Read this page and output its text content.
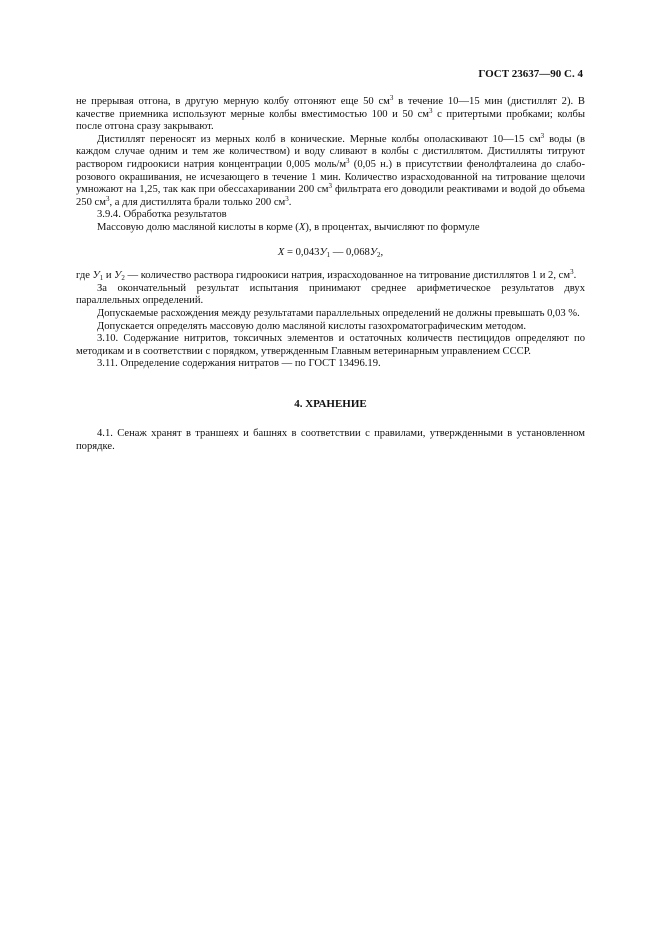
ГОСТ 23637—90 С. 4

не прерывая отгона, в другую мерную колбу отгоняют еще 50 $см^3$ в течение 10—15 мин (дистиллят 2). В качестве приемника используют мерные колбы вместимостью 100 и 50 $см^3$ с притертыми пробками; колбы после отгона сразу закрывают.

Дистиллят переносят из мерных колб в конические. Мерные колбы ополаскивают 10—15 $см^3$ воды (в каждом случае одним и тем же количеством) и воду сливают в колбы с дистиллятом. Дистилляты титруют раствором гидроокиси натрия концентрации 0,005 моль/$м^3$ (0,05 н.) в присутствии фенолфталеина до слабо-розового окрашивания, не исчезающего в течение 1 мин. Количество израсходованной на титрование щелочи умножают на 1,25, так как при обессахаривании 200 $см^3$ фильтрата его доводили реактивами и водой до объема 250 $см^3$, а для дистиллята брали только 200 $см^3$.

3.9.4. Обработка результатов

Массовую долю масляной кислоты в корме (X), в процентах, вычисляют по формуле

$X = 0,043У_1$ — $0,068У_2$,

где $У_1$ и $У_2$ — количество раствора гидроокиси натрия, израсходованное на титрование дистиллятов 1 и 2, $см^3$.

За окончательный результат испытания принимают среднее арифметическое результатов двух параллельных определений.

Допускаемые расхождения между результатами параллельных определений не должны превышать 0,03 %.

Допускается определять массовую долю масляной кислоты газохроматографическим методом.

3.10. Содержание нитритов, токсичных элементов и остаточных количеств пестицидов определяют по методикам и в соответствии с порядком, утвержденным Главным ветеринарным управлением СССР.

3.11. Определение содержания нитратов — по ГОСТ 13496.19.

4. ХРАНЕНИЕ

4.1. Сенаж хранят в траншеях и башнях в соответствии с правилами, утвержденными в установленном порядке.
